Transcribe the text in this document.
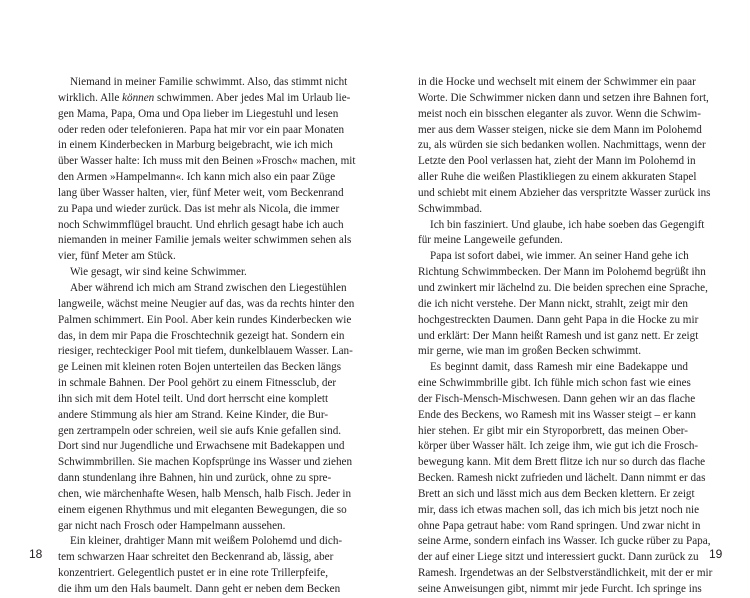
Niemand in meiner Familie schwimmt. Also, das stimmt nicht
wirklich. Alle können schwimmen. Aber jedes Mal im Urlaub lie-
gen Mama, Papa, Oma und Opa lieber im Liegestuhl und lesen
oder reden oder telefonieren. Papa hat mir vor ein paar Monaten
in einem Kinderbecken in Marburg beigebracht, wie ich mich
über Wasser halte: Ich muss mit den Beinen »Frosch« machen, mit
den Armen »Hampelmann«. Ich kann mich also ein paar Züge
lang über Wasser halten, vier, fünf Meter weit, vom Beckenrand
zu Papa und wieder zurück. Das ist mehr als Nicola, die immer
noch Schwimmflügel braucht. Und ehrlich gesagt habe ich auch
niemanden in meiner Familie jemals weiter schwimmen sehen als
vier, fünf Meter am Stück.
Wie gesagt, wir sind keine Schwimmer.
Aber während ich mich am Strand zwischen den Liegestühlen
langweile, wächst meine Neugier auf das, was da rechts hinter den
Palmen schimmert. Ein Pool. Aber kein rundes Kinderbecken wie
das, in dem mir Papa die Froschtechnik gezeigt hat. Sondern ein
riesiger, rechteckiger Pool mit tiefem, dunkelblauem Wasser. Lan-
ge Leinen mit kleinen roten Bojen unterteilen das Becken längs
in schmale Bahnen. Der Pool gehört zu einem Fitnessclub, der
ihn sich mit dem Hotel teilt. Und dort herrscht eine komplett
andere Stimmung als hier am Strand. Keine Kinder, die Bur-
gen zertrampeln oder schreien, weil sie aufs Knie gefallen sind.
Dort sind nur Jugendliche und Erwachsene mit Badekappen und
Schwimmbrillen. Sie machen Kopfsprünge ins Wasser und ziehen
dann stundenlang ihre Bahnen, hin und zurück, ohne zu spre-
chen, wie märchenhafte Wesen, halb Mensch, halb Fisch. Jeder in
einem eigenen Rhythmus und mit eleganten Bewegungen, die so
gar nicht nach Frosch oder Hampelmann aussehen.
Ein kleiner, drahtiger Mann mit weißem Polohemd und dich-
tem schwarzen Haar schreitet den Beckenrand ab, lässig, aber
konzentriert. Gelegentlich pustet er in eine rote Trillerpfeife,
die ihm um den Hals baumelt. Dann geht er neben dem Becken
18
in die Hocke und wechselt mit einem der Schwimmer ein paar
Worte. Die Schwimmer nicken dann und setzen ihre Bahnen fort,
meist noch ein bisschen eleganter als zuvor. Wenn die Schwim-
mer aus dem Wasser steigen, nicke sie dem Mann im Polohemd
zu, als würden sie sich bedanken wollen. Nachmittags, wenn der
Letzte den Pool verlassen hat, zieht der Mann im Polohemd in
aller Ruhe die weißen Plastikliegen zu einem akkuraten Stapel
und schiebt mit einem Abzieher das verspritzte Wasser zurück ins
Schwimmbad.
Ich bin fasziniert. Und glaube, ich habe soeben das Gegengift
für meine Langeweile gefunden.
Papa ist sofort dabei, wie immer. An seiner Hand gehe ich
Richtung Schwimmbecken. Der Mann im Polohemd begrüßt ihn
und zwinkert mir lächelnd zu. Die beiden sprechen eine Sprache,
die ich nicht verstehe. Der Mann nickt, strahlt, zeigt mir den
hochgestreckten Daumen. Dann geht Papa in die Hocke zu mir
und erklärt: Der Mann heißt Ramesh und ist ganz nett. Er zeigt
mir gerne, wie man im großen Becken schwimmt.
Es beginnt damit, dass Ramesh mir eine Badekappe und
eine Schwimmbrille gibt. Ich fühle mich schon fast wie eines
der Fisch-Mensch-Mischwesen. Dann gehen wir an das flache
Ende des Beckens, wo Ramesh mit ins Wasser steigt – er kann
hier stehen. Er gibt mir ein Styroporbrett, das meinen Ober-
körper über Wasser hält. Ich zeige ihm, wie gut ich die Frosch-
bewegung kann. Mit dem Brett flitze ich nur so durch das flache
Becken. Ramesh nickt zufrieden und lächelt. Dann nimmt er das
Brett an sich und lässt mich aus dem Becken klettern. Er zeigt
mir, dass ich etwas machen soll, das ich mich bis jetzt noch nie
ohne Papa getraut habe: vom Rand springen. Und zwar nicht in
seine Arme, sondern einfach ins Wasser. Ich gucke rüber zu Papa,
der auf einer Liege sitzt und interessiert guckt. Dann zurück zu
Ramesh. Irgendetwas an der Selbstverständlichkeit, mit der er mir
seine Anweisungen gibt, nimmt mir jede Furcht. Ich springe ins
19
